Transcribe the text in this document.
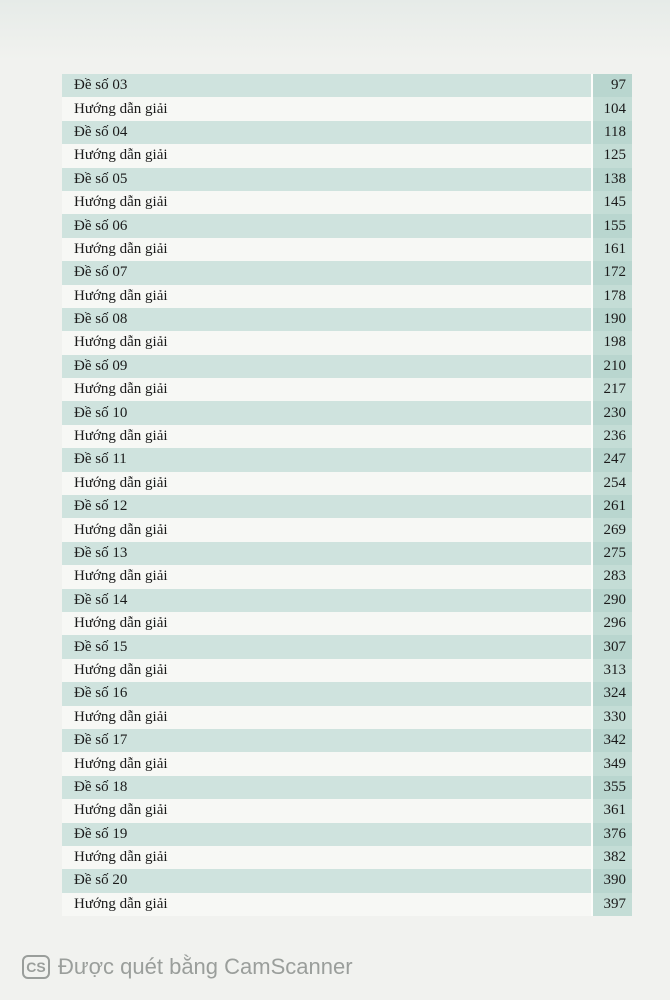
Đề số 03	97
Hướng dẫn giải	104
Đề số 04	118
Hướng dẫn giải	125
Đề số 05	138
Hướng dẫn giải	145
Đề số 06	155
Hướng dẫn giải	161
Đề số 07	172
Hướng dẫn giải	178
Đề số 08	190
Hướng dẫn giải	198
Đề số 09	210
Hướng dẫn giải	217
Đề số 10	230
Hướng dẫn giải	236
Đề số 11	247
Hướng dẫn giải	254
Đề số 12	261
Hướng dẫn giải	269
Đề số 13	275
Hướng dẫn giải	283
Đề số 14	290
Hướng dẫn giải	296
Đề số 15	307
Hướng dẫn giải	313
Đề số 16	324
Hướng dẫn giải	330
Đề số 17	342
Hướng dẫn giải	349
Đề số 18	355
Hướng dẫn giải	361
Đề số 19	376
Hướng dẫn giải	382
Đề số 20	390
Hướng dẫn giải	397
CS Được quét bằng CamScanner
